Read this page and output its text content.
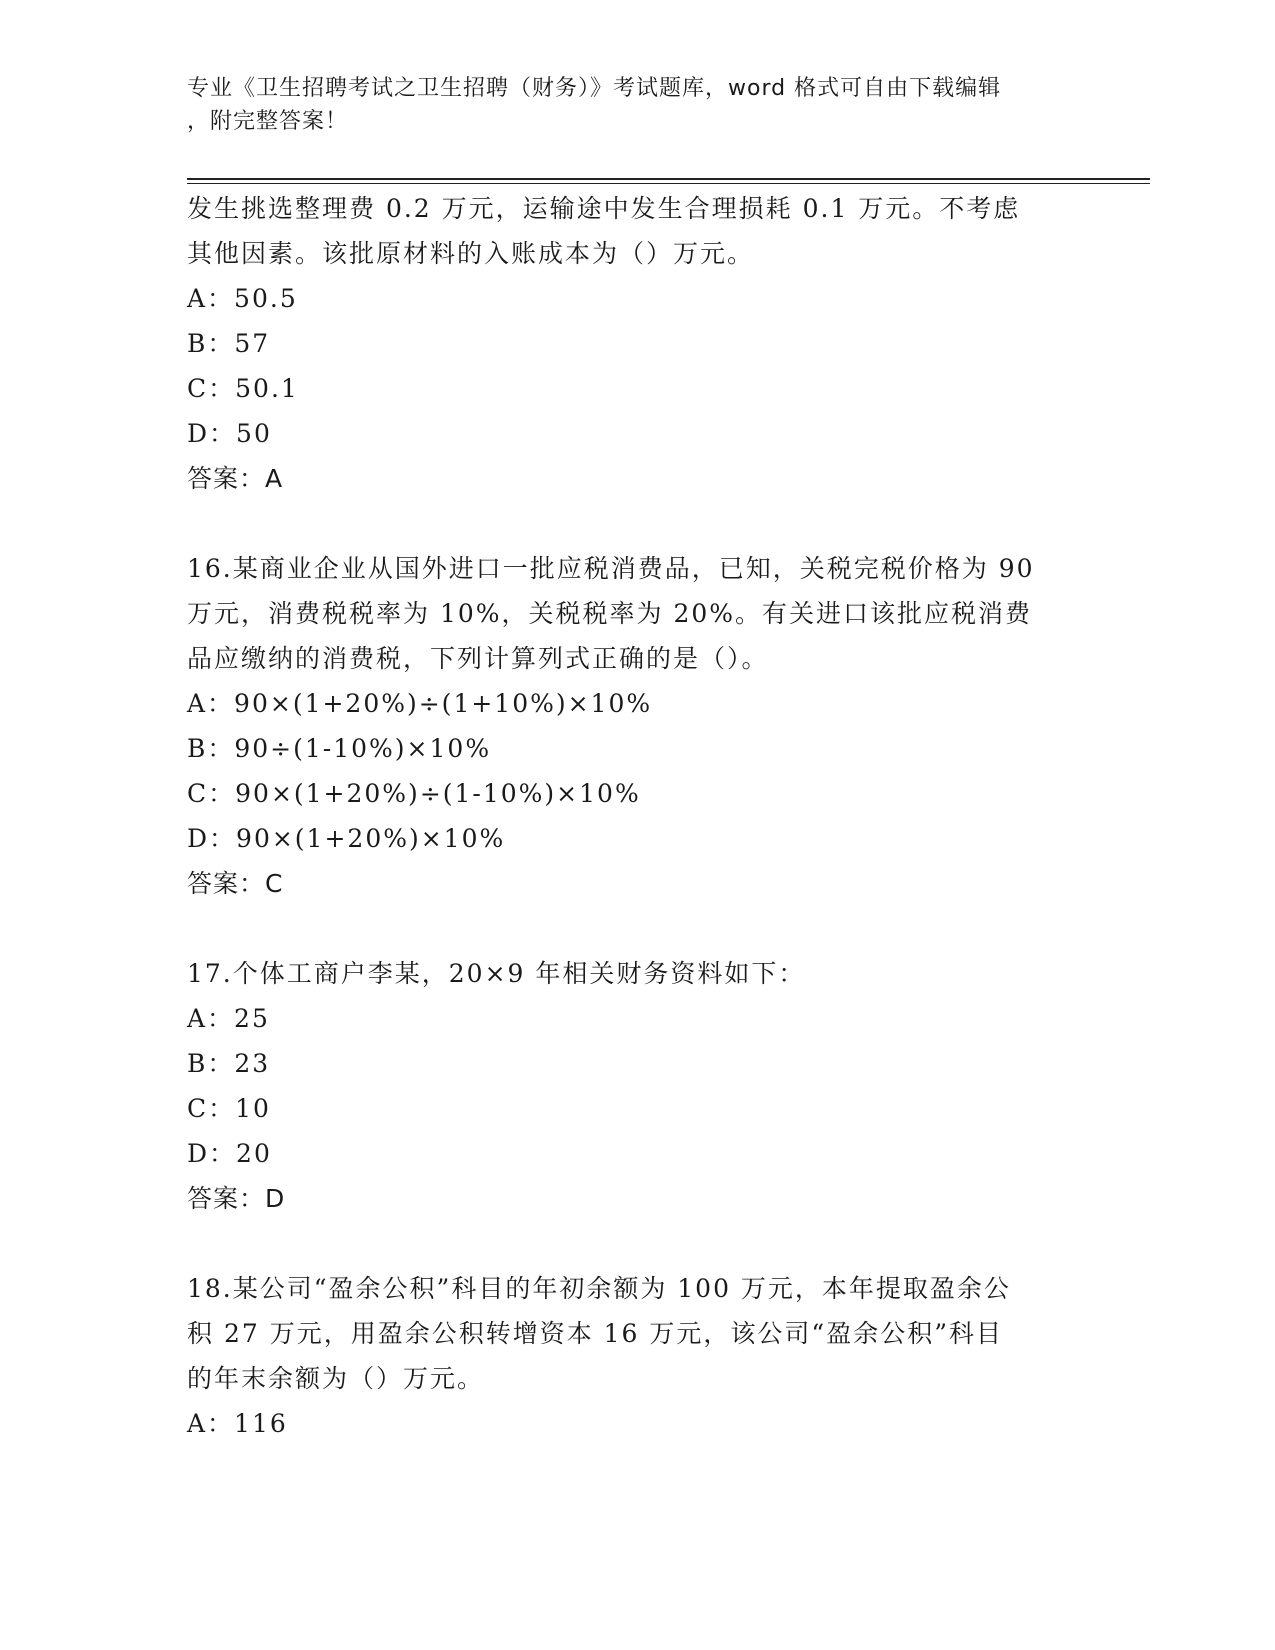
专业《卫生招聘考试之卫生招聘（财务）》考试题库，word 格式可自由下载编辑
，附完整答案！
发生挑选整理费 0.2 万元，运输途中发生合理损耗 0.1 万元。不考虑
其他因素。该批原材料的入账成本为（）万元。
A：50.5
B：57
C：50.1
D：50
答案：A
16.某商业企业从国外进口一批应税消费品，已知，关税完税价格为 90
万元，消费税税率为 10%，关税税率为 20%。有关进口该批应税消费
品应缴纳的消费税，下列计算列式正确的是（）。
A：90×(1+20%)÷(1+10%)×10%
B：90÷(1-10%)×10%
C：90×(1+20%)÷(1-10%)×10%
D：90×(1+20%)×10%
答案：C
17.个体工商户李某，20×9 年相关财务资料如下：
A：25
B：23
C：10
D：20
答案：D
18.某公司“盈余公积”科目的年初余额为 100 万元，本年提取盈余公
积 27 万元，用盈余公积转增资本 16 万元，该公司“盈余公积”科目
的年末余额为（）万元。
A：116
